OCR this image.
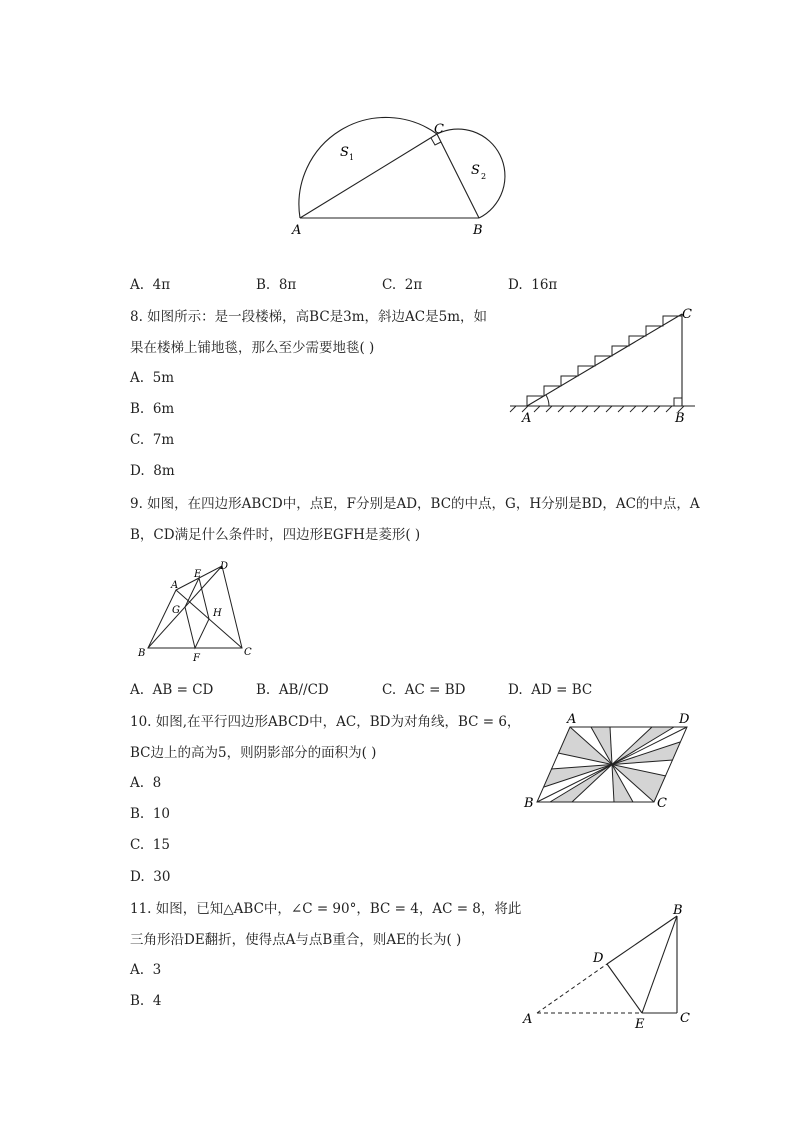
A	B
C
S 1
S 2
A. 4π	B. 8π	C. 2π	D. 16π
8. 如图所示：是一段楼梯，高BC是3m，斜边AC是5m，如
果在楼梯上铺地毯，那么至少需要地毯( )
A. 5m
B. 6m
C. 7m
D. 8m
A	B
C
9. 如图，在四边形ABCD中，点E，F分别是AD，BC的中点，G，H分别是BD，AC的中点，A
B，CD满足什么条件时，四边形EGFH是菱形( )
A
E
D
G	H
B	F
C
A. AB = CD	B. AB//CD	C. AC = BD	D. AD = BC
10. 如图,在平行四边形ABCD中，AC，BD为对角线，BC = 6，
BC边上的高为5，则阴影部分的面积为( )
A. 8
B. 10
C. 15
D. 30
A	D
B	C
11. 如图，已知△ABC中，∠C = 90°，BC = 4，AC = 8，将此
三角形沿DE翻折，使得点A与点B重合，则AE的长为( )
A. 3
B. 4
A
B
C
D
E
